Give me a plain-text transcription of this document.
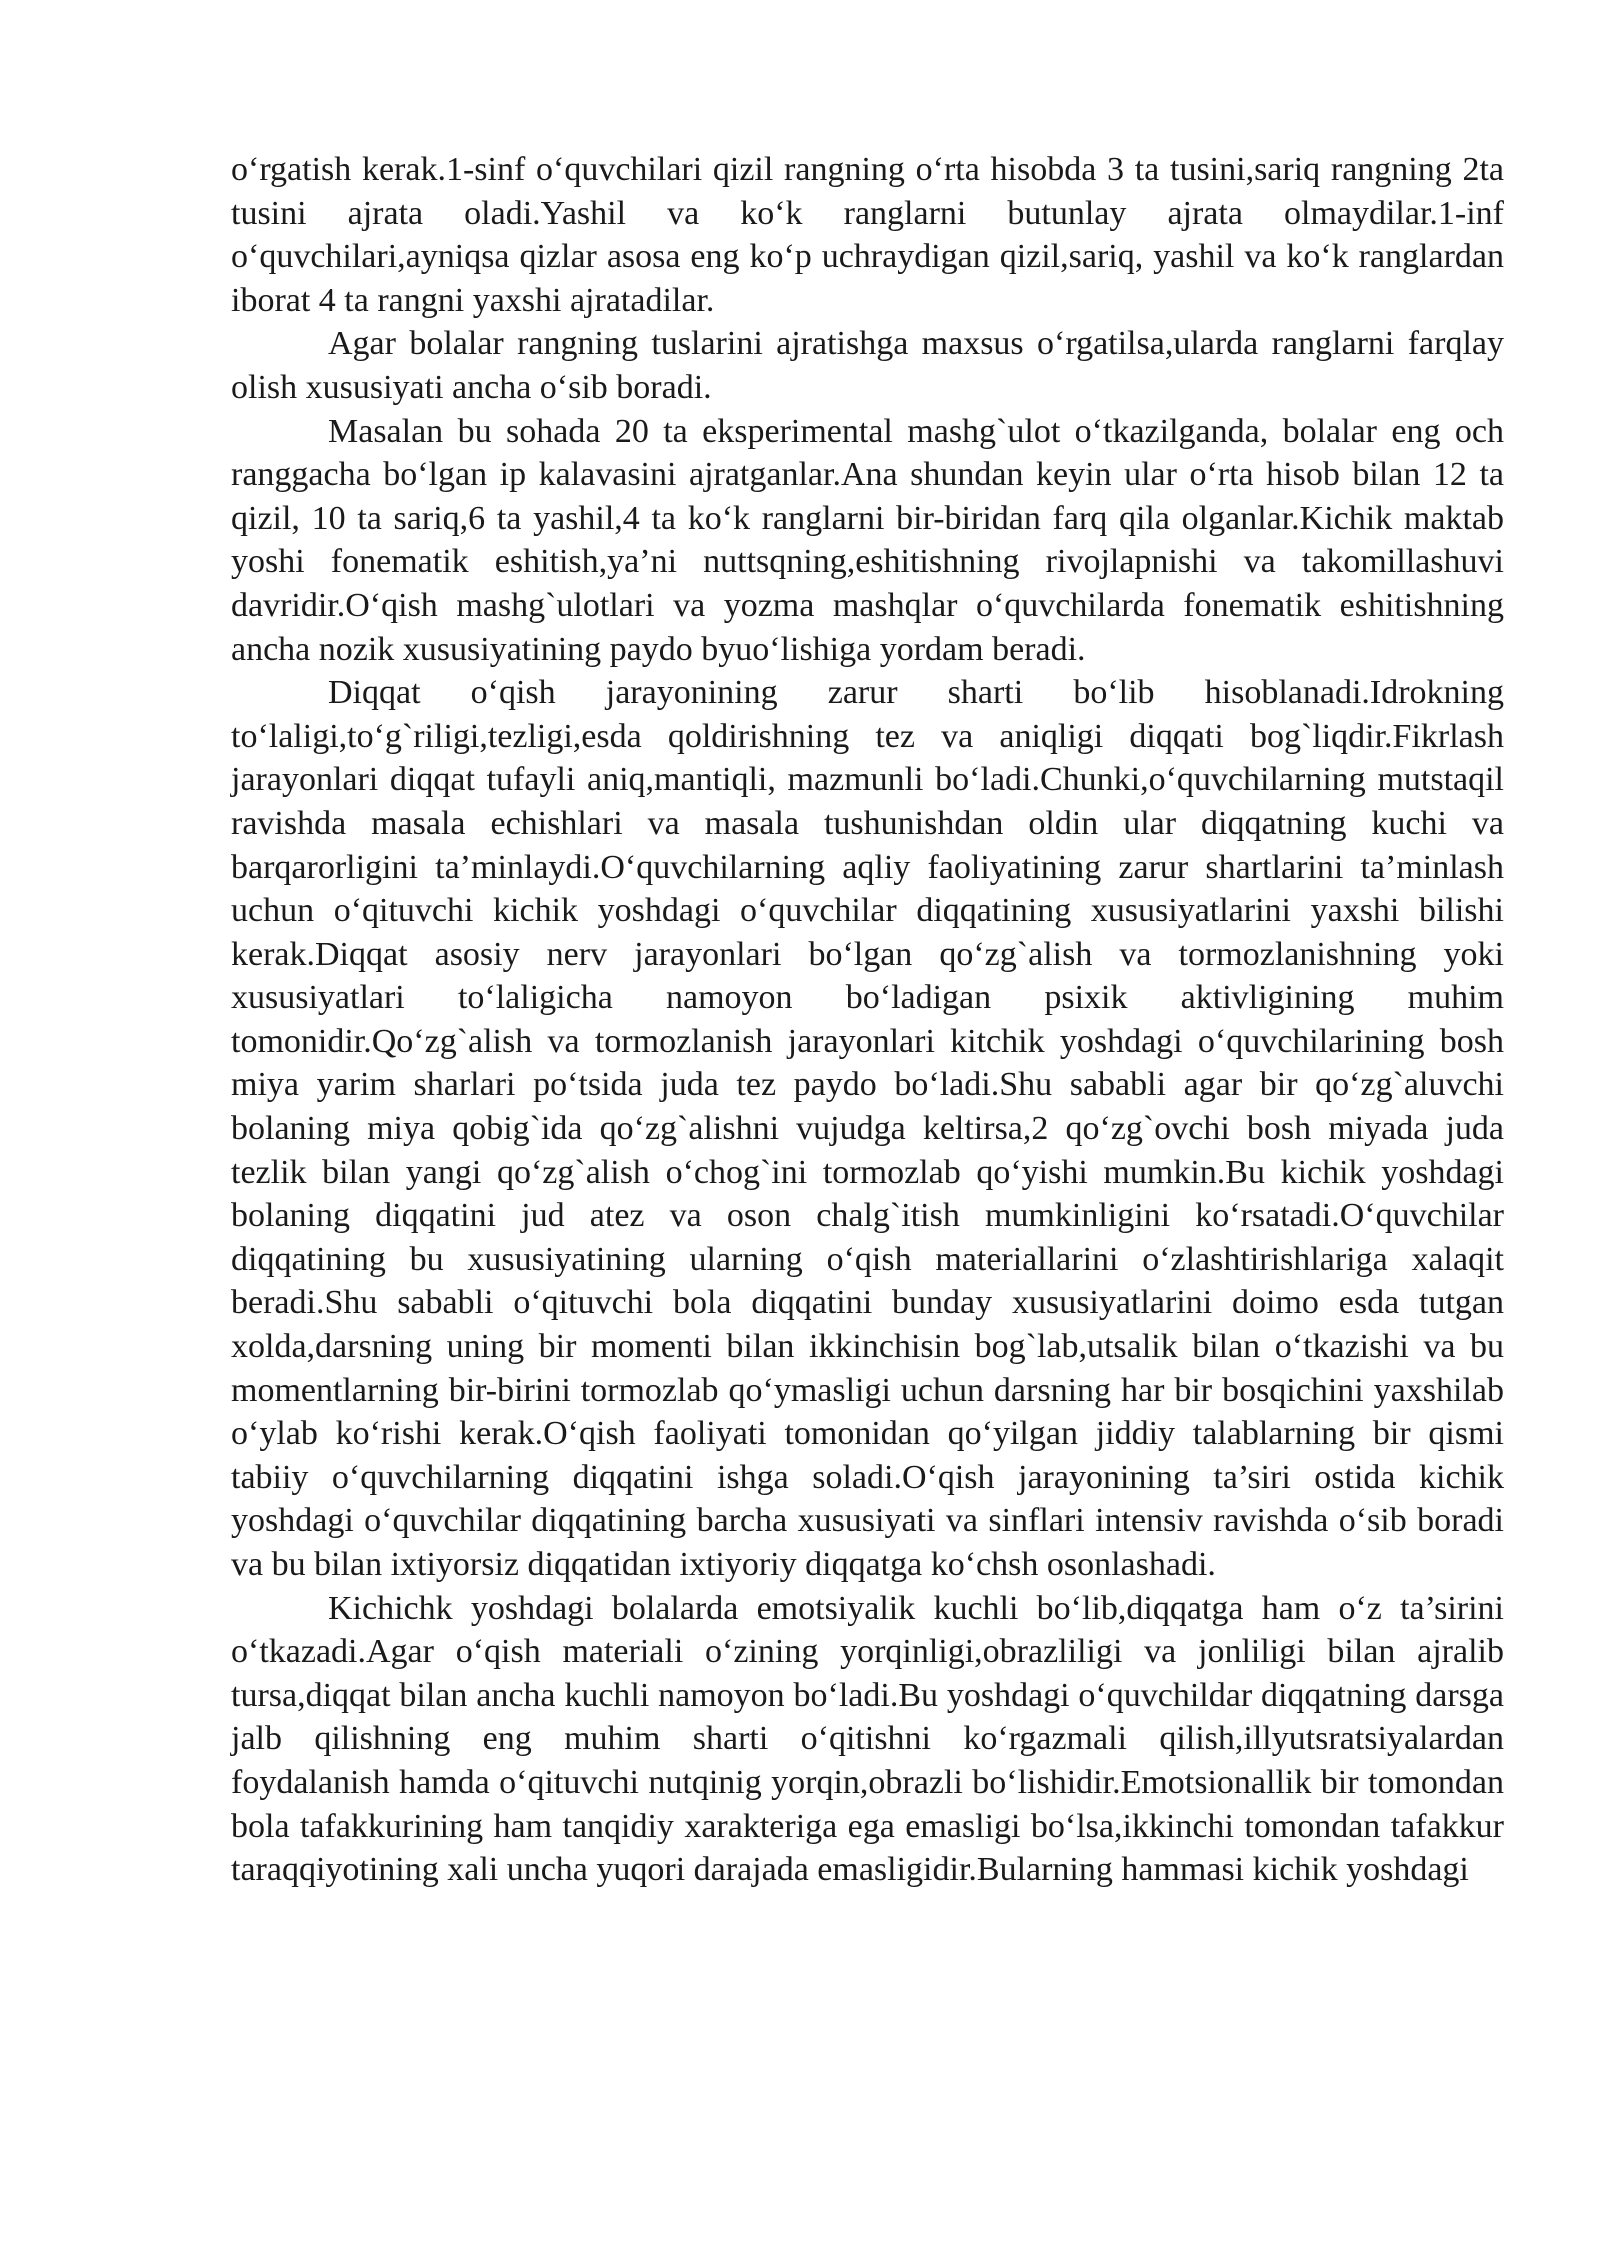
oʻrgatish kerak.1-sinf oʻquvchilari qizil rangning oʻrta hisobda 3 ta tusini,sariq rangning 2ta tusini ajrata oladi.Yashil va koʻk ranglarni butunlay ajrata olmaydilar.1-inf oʻquvchilari,ayniqsa qizlar asosa eng koʻp uchraydigan qizil,sariq, yashil va koʻk ranglardan iborat 4 ta rangni yaxshi ajratadilar.

Agar bolalar rangning tuslarini ajratishga maxsus oʻrgatilsa,ularda ranglarni farqlay olish xususiyati ancha oʻsib boradi.

Masalan bu sohada 20 ta eksperimental mashg`ulot oʻtkazilganda, bolalar eng och ranggacha boʻlgan ip kalavasini ajratganlar.Ana shundan keyin ular oʻrta hisob bilan 12 ta qizil, 10 ta sariq,6 ta yashil,4 ta koʻk ranglarni bir-biridan farq qila olganlar.Kichik maktab yoshi fonematik eshitish,ya’ni nuttsqning,eshitishning rivojlapnishi va takomillashuvi davridir.Oʻqish mashg`ulotlari va yozma mashqlar oʻquvchilarda fonematik eshitishning ancha nozik xususiyatining paydo byuoʻlishiga yordam beradi.

Diqqat oʻqish jarayonining zarur sharti boʻlib hisoblanadi.Idrokning toʻlaligi,toʻg`riligi,tezligi,esda qoldirishning tez va aniqligi diqqati bog`liqdir.Fikrlash jarayonlari diqqat tufayli aniq,mantiqli, mazmunli boʻladi.Chunki,oʻquvchilarning mutstaqil ravishda masala echishlari va masala tushunishdan oldin ular diqqatning kuchi va barqarorligini ta’minlaydi.Oʻquvchilarning aqliy faoliyatining zarur shartlarini ta’minlash uchun oʻqituvchi kichik yoshdagi oʻquvchilar diqqatining xususiyatlarini yaxshi bilishi kerak.Diqqat asosiy nerv jarayonlari boʻlgan qoʻzg`alish va tormozlanishning yoki xususiyatlari toʻlaligicha namoyon boʻladigan psixik aktivligining muhim tomonidir.Qoʻzg`alish va tormozlanish jarayonlari kitchik yoshdagi oʻquvchilarining bosh miya yarim sharlari poʻtsida juda tez paydo boʻladi.Shu sababli agar bir qoʻzg`aluvchi bolaning miya qobig`ida qoʻzg`alishni vujudga keltirsa,2 qoʻzg`ovchi bosh miyada juda tezlik bilan yangi qoʻzg`alish oʻchog`ini tormozlab qoʻyishi mumkin.Bu kichik yoshdagi bolaning diqqatini jud atez va oson chalg`itish mumkinligini koʻrsatadi.Oʻquvchilar diqqatining bu xususiyatining ularning oʻqish materiallarini oʻzlashtirishlariga xalaqit beradi.Shu sababli oʻqituvchi bola diqqatini bunday xususiyatlarini doimo esda tutgan xolda,darsning uning bir momenti bilan ikkinchisin bog`lab,utsalik bilan oʻtkazishi va bu momentlarning bir-birini tormozlab qoʻymasligi uchun darsning har bir bosqichini yaxshilab oʻylab koʻrishi kerak.Oʻqish faoliyati tomonidan qoʻyilgan jiddiy talablarning bir qismi tabiiy oʻquvchilarning diqqatini ishga soladi.Oʻqish jarayonining ta’siri ostida kichik yoshdagi oʻquvchilar diqqatining barcha xususiyati va sinflari intensiv ravishda oʻsib boradi va bu bilan ixtiyorsiz diqqatidan ixtiyoriy diqqatga koʻchsh osonlashadi.

Kichichk yoshdagi bolalarda emotsiyalik kuchli boʻlib,diqqatga ham oʻz ta’sirini oʻtkazadi.Agar oʻqish materiali oʻzining yorqinligi,obrazliligi va jonliligi bilan ajralib tursa,diqqat bilan ancha kuchli namoyon boʻladi.Bu yoshdagi oʻquvchildar diqqatning darsga jalb qilishning eng muhim sharti oʻqitishni koʻrgazmali qilish,illyutsratsiyalardan foydalanish hamda oʻqituvchi nutqinig yorqin,obrazli boʻlishidir.Emotsionallik bir tomondan bola tafakkurining ham tanqidiy xarakteriga ega emasligi boʻlsa,ikkinchi tomondan tafakkur taraqqiyotining xali uncha yuqori darajada emasligidir.Bularning hammasi kichik yoshdagi
